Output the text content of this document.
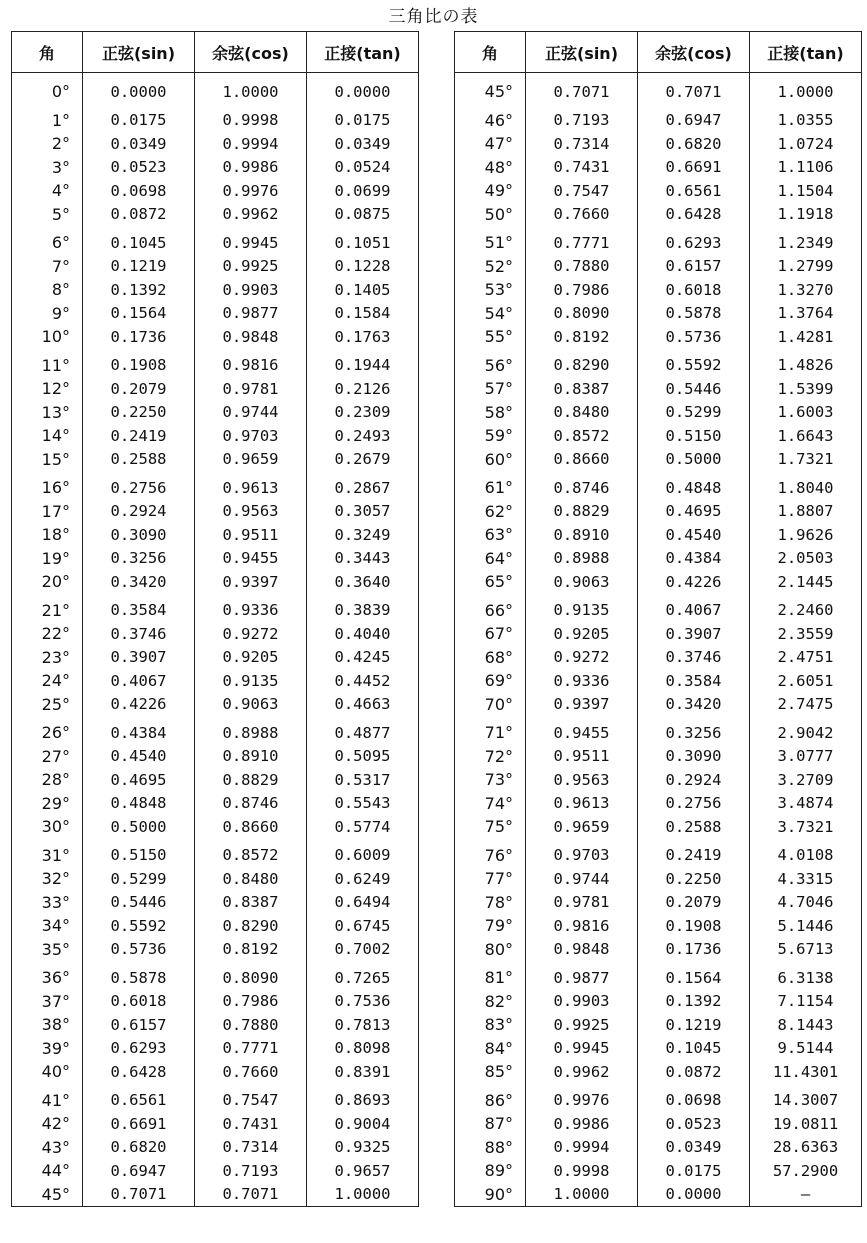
三角比の表
角	正弦(sin)	余弦(cos)	正接(tan)
0°	0.0000	1.0000	0.0000
1°	0.0175	0.9998	0.0175
2°	0.0349	0.9994	0.0349
3°	0.0523	0.9986	0.0524
4°	0.0698	0.9976	0.0699
5°	0.0872	0.9962	0.0875
6°	0.1045	0.9945	0.1051
7°	0.1219	0.9925	0.1228
8°	0.1392	0.9903	0.1405
9°	0.1564	0.9877	0.1584
10°	0.1736	0.9848	0.1763
11°	0.1908	0.9816	0.1944
12°	0.2079	0.9781	0.2126
13°	0.2250	0.9744	0.2309
14°	0.2419	0.9703	0.2493
15°	0.2588	0.9659	0.2679
16°	0.2756	0.9613	0.2867
17°	0.2924	0.9563	0.3057
18°	0.3090	0.9511	0.3249
19°	0.3256	0.9455	0.3443
20°	0.3420	0.9397	0.3640
21°	0.3584	0.9336	0.3839
22°	0.3746	0.9272	0.4040
23°	0.3907	0.9205	0.4245
24°	0.4067	0.9135	0.4452
25°	0.4226	0.9063	0.4663
26°	0.4384	0.8988	0.4877
27°	0.4540	0.8910	0.5095
28°	0.4695	0.8829	0.5317
29°	0.4848	0.8746	0.5543
30°	0.5000	0.8660	0.5774
31°	0.5150	0.8572	0.6009
32°	0.5299	0.8480	0.6249
33°	0.5446	0.8387	0.6494
34°	0.5592	0.8290	0.6745
35°	0.5736	0.8192	0.7002
36°	0.5878	0.8090	0.7265
37°	0.6018	0.7986	0.7536
38°	0.6157	0.7880	0.7813
39°	0.6293	0.7771	0.8098
40°	0.6428	0.7660	0.8391
41°	0.6561	0.7547	0.8693
42°	0.6691	0.7431	0.9004
43°	0.6820	0.7314	0.9325
44°	0.6947	0.7193	0.9657
45°	0.7071	0.7071	1.0000
角	正弦(sin)	余弦(cos)	正接(tan)
45°	0.7071	0.7071	1.0000
46°	0.7193	0.6947	1.0355
47°	0.7314	0.6820	1.0724
48°	0.7431	0.6691	1.1106
49°	0.7547	0.6561	1.1504
50°	0.7660	0.6428	1.1918
51°	0.7771	0.6293	1.2349
52°	0.7880	0.6157	1.2799
53°	0.7986	0.6018	1.3270
54°	0.8090	0.5878	1.3764
55°	0.8192	0.5736	1.4281
56°	0.8290	0.5592	1.4826
57°	0.8387	0.5446	1.5399
58°	0.8480	0.5299	1.6003
59°	0.8572	0.5150	1.6643
60°	0.8660	0.5000	1.7321
61°	0.8746	0.4848	1.8040
62°	0.8829	0.4695	1.8807
63°	0.8910	0.4540	1.9626
64°	0.8988	0.4384	2.0503
65°	0.9063	0.4226	2.1445
66°	0.9135	0.4067	2.2460
67°	0.9205	0.3907	2.3559
68°	0.9272	0.3746	2.4751
69°	0.9336	0.3584	2.6051
70°	0.9397	0.3420	2.7475
71°	0.9455	0.3256	2.9042
72°	0.9511	0.3090	3.0777
73°	0.9563	0.2924	3.2709
74°	0.9613	0.2756	3.4874
75°	0.9659	0.2588	3.7321
76°	0.9703	0.2419	4.0108
77°	0.9744	0.2250	4.3315
78°	0.9781	0.2079	4.7046
79°	0.9816	0.1908	5.1446
80°	0.9848	0.1736	5.6713
81°	0.9877	0.1564	6.3138
82°	0.9903	0.1392	7.1154
83°	0.9925	0.1219	8.1443
84°	0.9945	0.1045	9.5144
85°	0.9962	0.0872	11.4301
86°	0.9976	0.0698	14.3007
87°	0.9986	0.0523	19.0811
88°	0.9994	0.0349	28.6363
89°	0.9998	0.0175	57.2900
90°	1.0000	0.0000	—
